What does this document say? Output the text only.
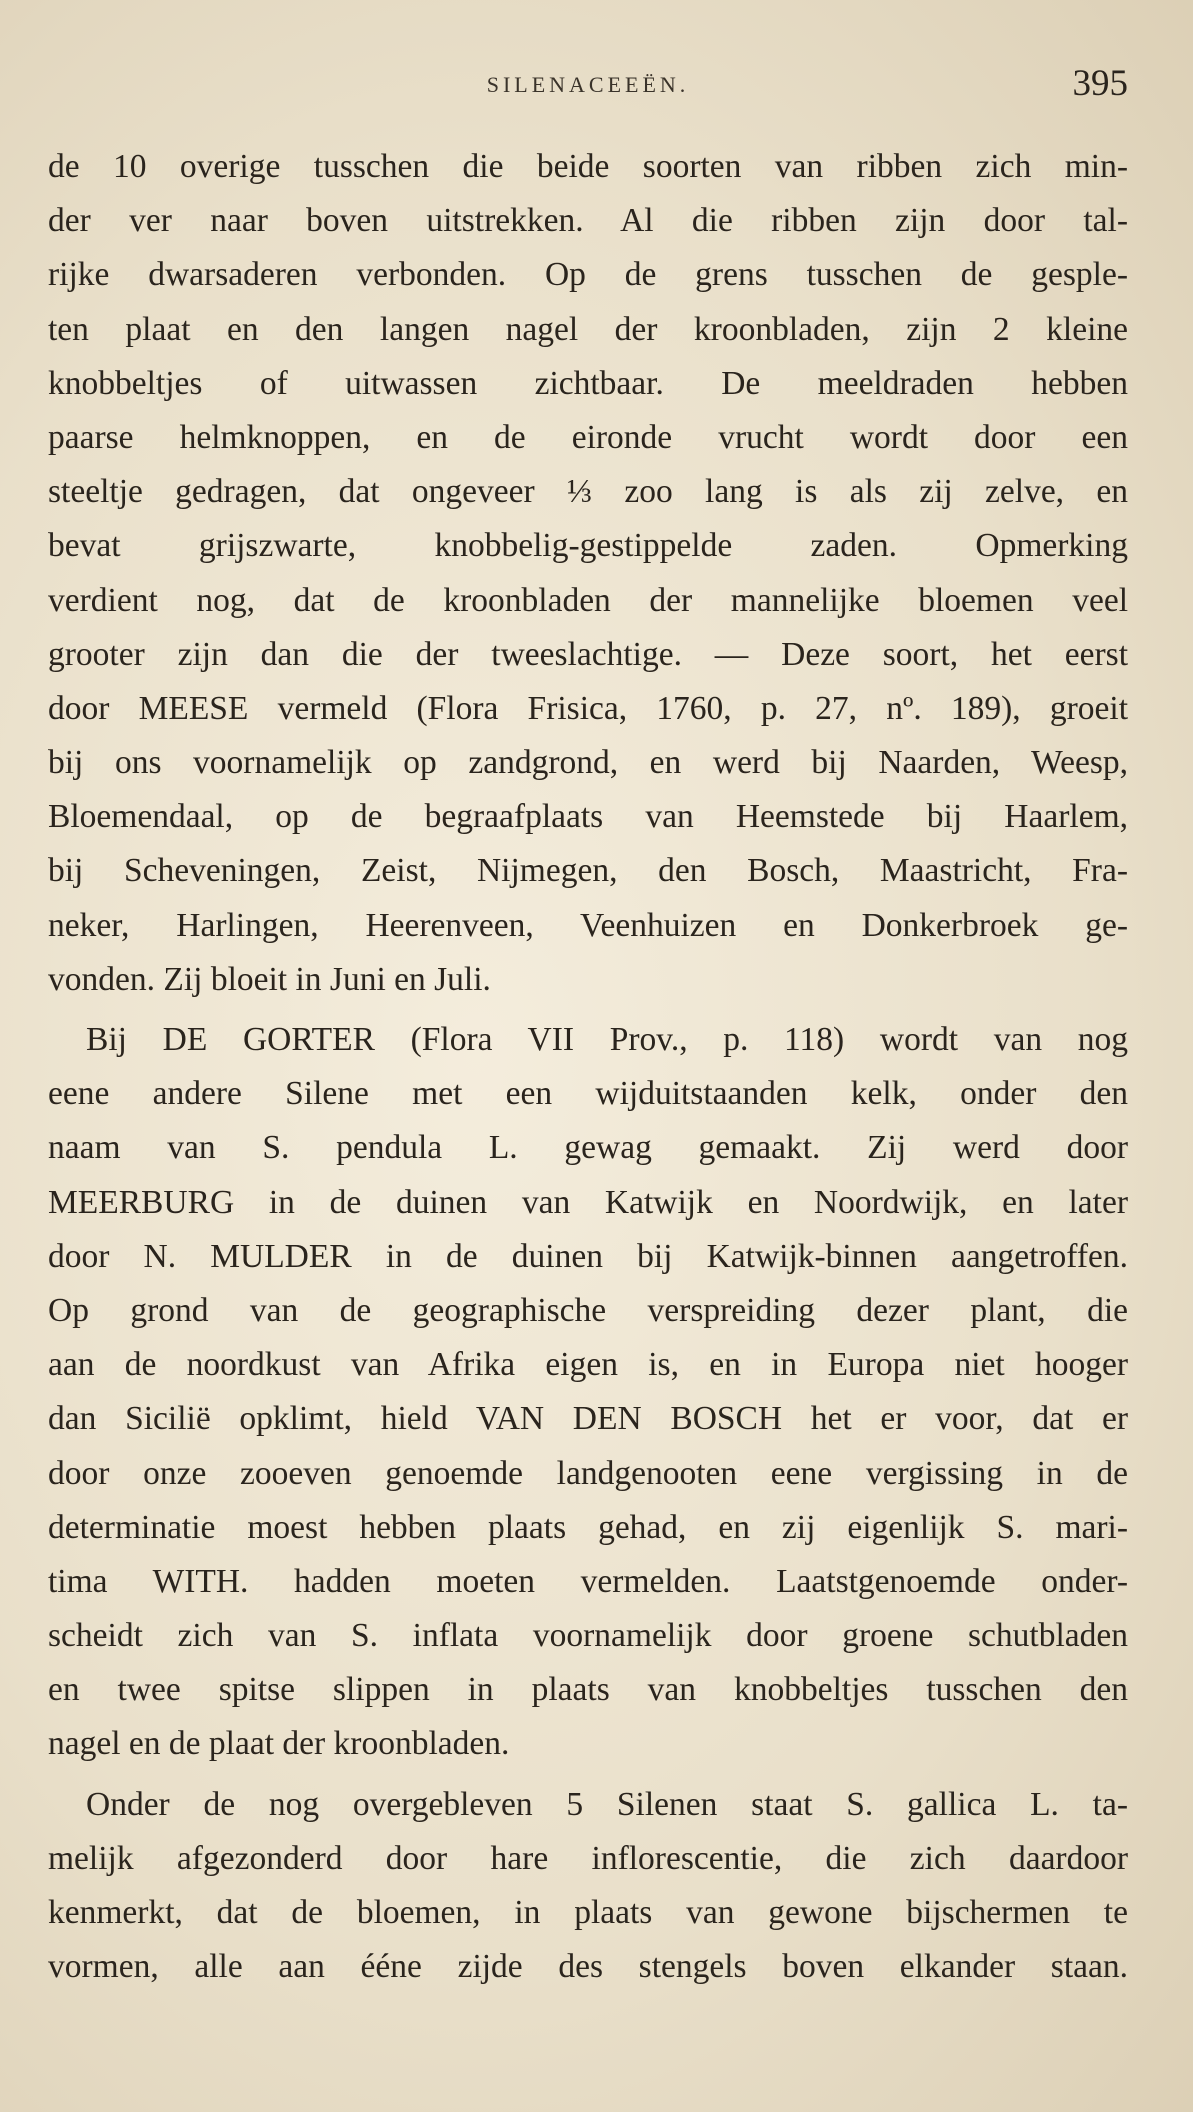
SILENACEEËN.	395
de 10 overige tusschen die beide soorten van ribben zich min-
der ver naar boven uitstrekken. Al die ribben zijn door tal-
rijke dwarsaderen verbonden. Op de grens tusschen de gesple-
ten plaat en den langen nagel der kroonbladen, zijn 2 kleine
knobbeltjes of uitwassen zichtbaar. De meeldraden hebben
paarse helmknoppen, en de eironde vrucht wordt door een
steeltje gedragen, dat ongeveer ⅓ zoo lang is als zij zelve, en
bevat grijszwarte, knobbelig-gestippelde zaden. Opmerking
verdient nog, dat de kroonbladen der mannelijke bloemen veel
grooter zijn dan die der tweeslachtige. — Deze soort, het eerst
door MEESE vermeld (Flora Frisica, 1760, p. 27, nº. 189), groeit
bij ons voornamelijk op zandgrond, en werd bij Naarden, Weesp,
Bloemendaal, op de begraafplaats van Heemstede bij Haarlem,
bij Scheveningen, Zeist, Nijmegen, den Bosch, Maastricht, Fra-
neker, Harlingen, Heerenveen, Veenhuizen en Donkerbroek ge-
vonden. Zij bloeit in Juni en Juli.
Bij DE GORTER (Flora VII Prov., p. 118) wordt van nog
eene andere Silene met een wijduitstaanden kelk, onder den
naam van S. pendula L. gewag gemaakt. Zij werd door
MEERBURG in de duinen van Katwijk en Noordwijk, en later
door N. MULDER in de duinen bij Katwijk-binnen aangetroffen.
Op grond van de geographische verspreiding dezer plant, die
aan de noordkust van Afrika eigen is, en in Europa niet hooger
dan Sicilië opklimt, hield VAN DEN BOSCH het er voor, dat er
door onze zooeven genoemde landgenooten eene vergissing in de
determinatie moest hebben plaats gehad, en zij eigenlijk S. mari-
tima WITH. hadden moeten vermelden. Laatstgenoemde onder-
scheidt zich van S. inflata voornamelijk door groene schutbladen
en twee spitse slippen in plaats van knobbeltjes tusschen den
nagel en de plaat der kroonbladen.
Onder de nog overgebleven 5 Silenen staat S. gallica L. ta-
melijk afgezonderd door hare inflorescentie, die zich daardoor
kenmerkt, dat de bloemen, in plaats van gewone bijschermen te
vormen, alle aan ééne zijde des stengels boven elkander staan.
